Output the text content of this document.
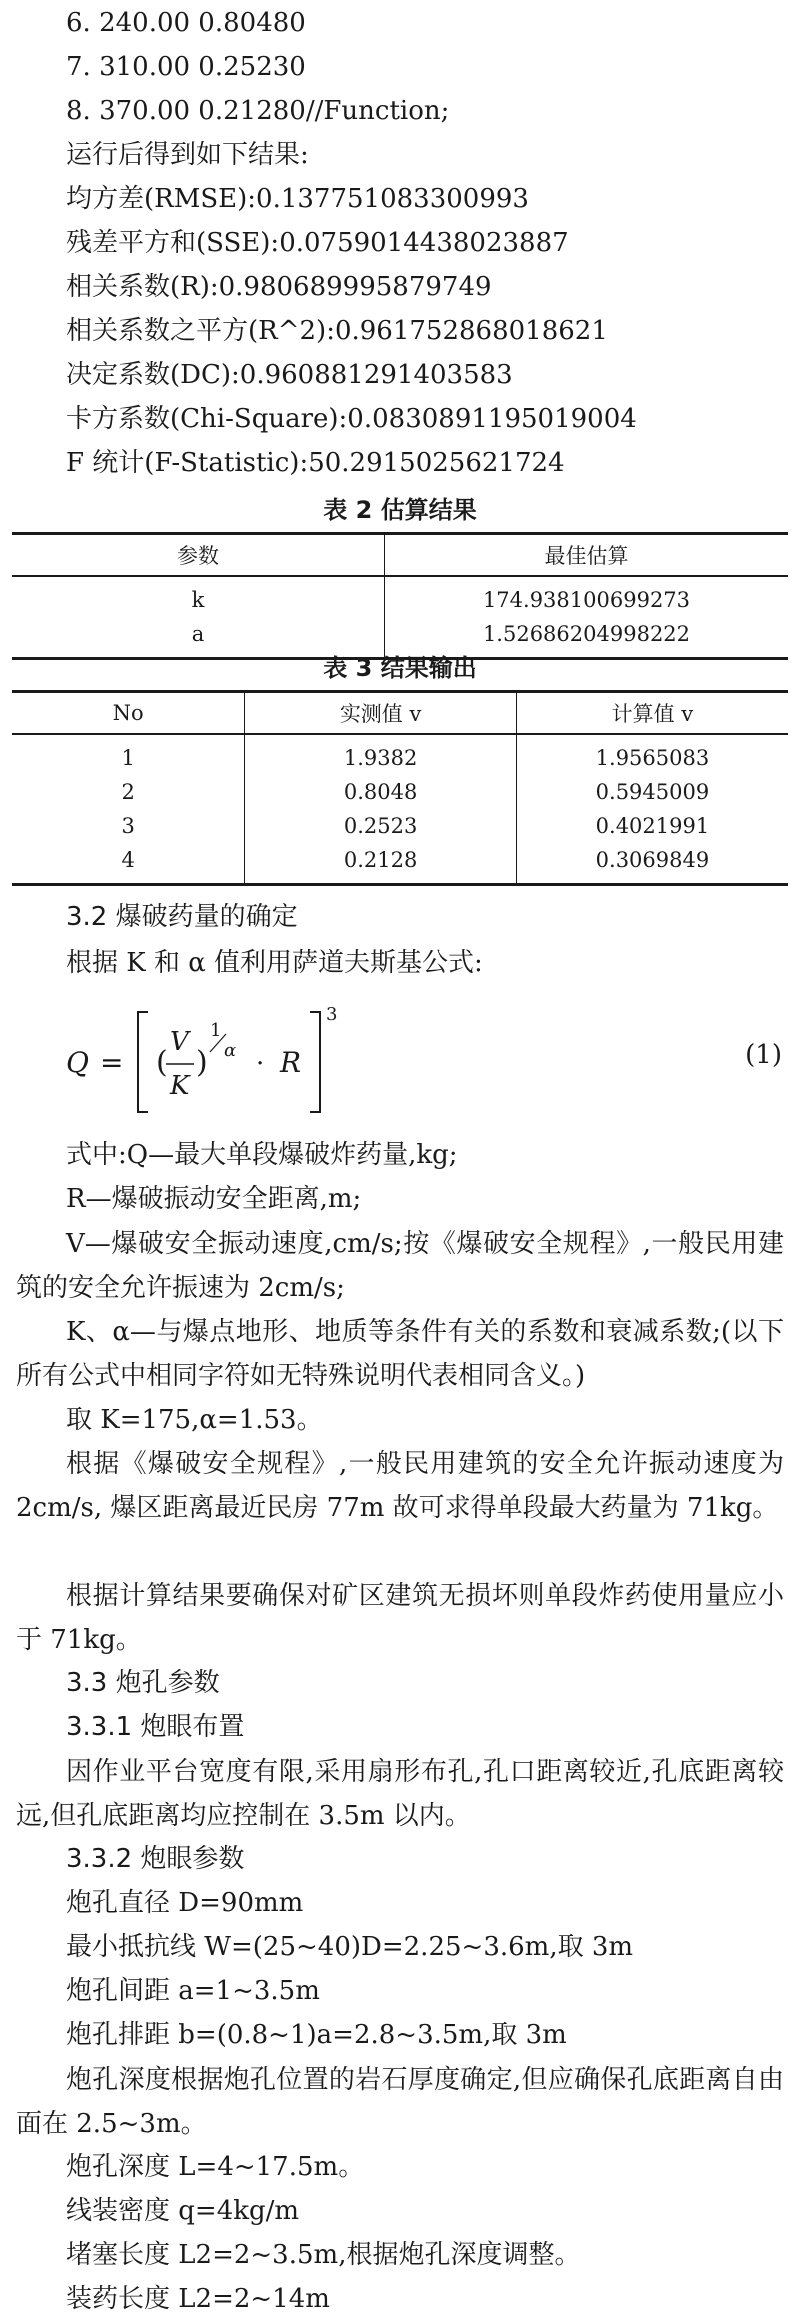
6. 240.00 0.80480
7. 310.00 0.25230
8. 370.00 0.21280//Function;
运行后得到如下结果:
均方差(RMSE):0.137751083300993
残差平方和(SSE):0.0759014438023887
相关系数(R):0.980689995879749
相关系数之平方(R^2):0.961752868018621
决定系数(DC):0.960881291403583
卡方系数(Chi-Square):0.0830891195019004
F 统计(F-Statistic):50.2915025621724
表 2 估算结果
参数	最佳估算
k	174.938100699273
a	1.52686204998222
表 3 结果输出
No	实测值 v	计算值 v
1	1.9382	1.9565083
2	0.8048	0.5945009
3	0.2523	0.4021991
4	0.2128	0.3069849
3.2 爆破药量的确定
根据 K 和 α 值利用萨道夫斯基公式:
Q = (
V
K
)
1
α · R
3
(1)
式中:Q—最大单段爆破炸药量,kg;
R—爆破振动安全距离,m;
V—爆破安全振动速度,cm/s;按《爆破安全规程》,一般民用建筑的安全允许振速为 2cm/s;
K、α—与爆点地形、地质等条件有关的系数和衰减系数;(以下所有公式中相同字符如无特殊说明代表相同含义。)
取 K=175,α=1.53。
根据《爆破安全规程》,一般民用建筑的安全允许振动速度为 2cm/s, 爆区距离最近民房 77m 故可求得单段最大药量为 71kg。
根据计算结果要确保对矿区建筑无损坏则单段炸药使用量应小于 71kg。
3.3 炮孔参数
3.3.1 炮眼布置
因作业平台宽度有限,采用扇形布孔,孔口距离较近,孔底距离较远,但孔底距离均应控制在 3.5m 以内。
3.3.2 炮眼参数
炮孔直径 D=90mm
最小抵抗线 W=(25~40)D=2.25~3.6m,取 3m
炮孔间距 a=1~3.5m
炮孔排距 b=(0.8~1)a=2.8~3.5m,取 3m
炮孔深度根据炮孔位置的岩石厚度确定,但应确保孔底距离自由面在 2.5~3m。
炮孔深度 L=4~17.5m。
线装密度 q=4kg/m
堵塞长度 L2=2~3.5m,根据炮孔深度调整。
装药长度 L2=2~14m
